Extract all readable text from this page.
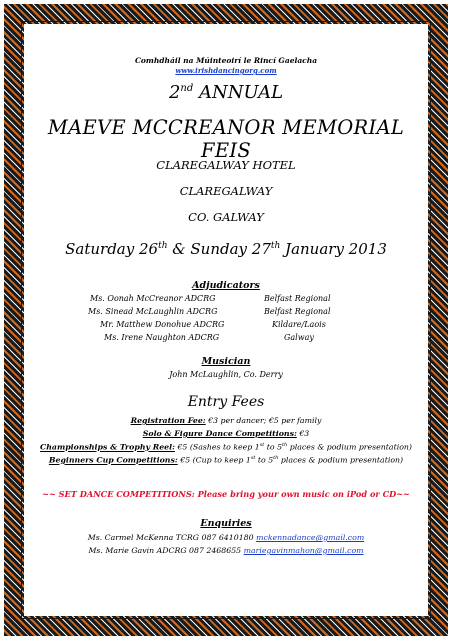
Comhdháil na Múinteoirí le Rincí Gaelacha
www.irishdancingorg.com
2nd ANNUAL
MAEVE MCCREANOR MEMORIAL FEIS
CLAREGALWAY HOTEL
CLAREGALWAY
CO. GALWAY
Saturday 26th & Sunday 27th January 2013
Adjudicators
Ms. Oonah McCreanor ADCRG	Belfast Regional
Ms. Sinead McLaughlin ADCRG	Belfast Regional
Mr. Matthew Donohue ADCRG	Kildare/Laois
Ms. Irene Naughton ADCRG	Galway
Musician
John McLaughlin, Co. Derry
Entry Fees
Registration Fee: €3 per dancer; €5 per family
Solo & Figure Dance Competitions: €3
Championships & Trophy Reel: €5 (Sashes to keep 1st to 5th places & podium presentation)
Beginners Cup Competitions: €5 (Cup to keep 1st to 5th places & podium presentation)
~~ SET DANCE COMPETITIONS: Please bring your own music on iPod or CD~~
Enquiries
Ms. Carmel McKenna TCRG 087 6410180 mckennadance@gmail.com
Ms. Marie Gavin ADCRG 087 2468655 mariegavinmahon@gmail.com
